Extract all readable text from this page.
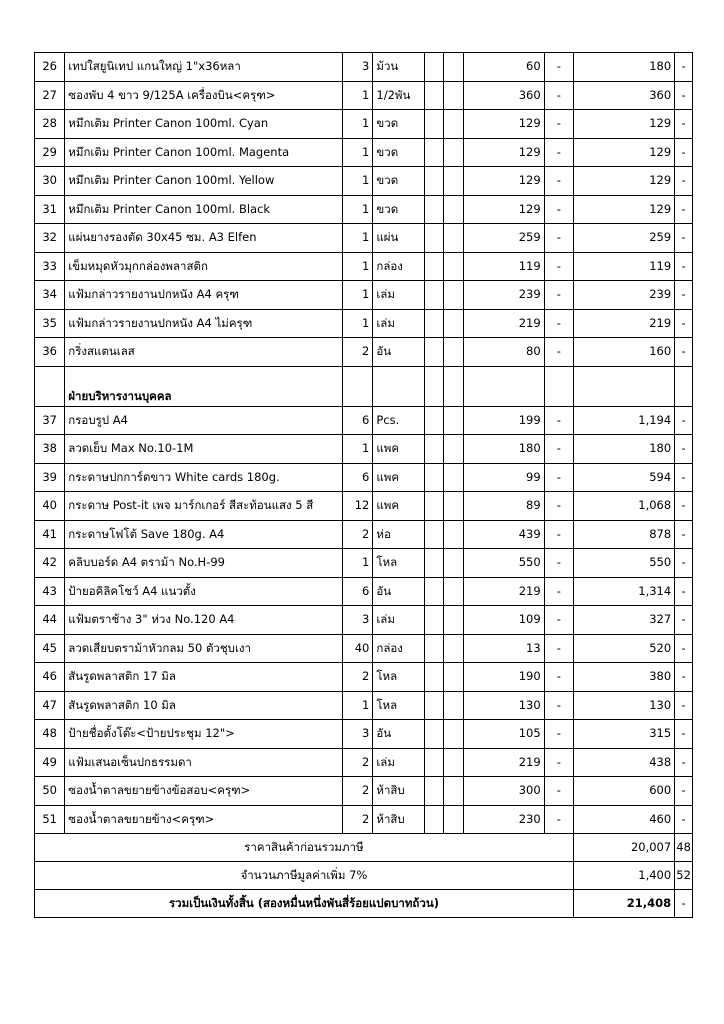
26	เทปใสยูนิเทป แกนใหญ่ 1"x36หลา	3	ม้วน			60	-	180	-
27	ซองพับ 4 ขาว 9/125A เครื่องบิน<ครุฑ>	1	1/2พัน			360	-	360	-
28	หมึกเติม Printer Canon 100ml. Cyan	1	ขวด			129	-	129	-
29	หมึกเติม Printer Canon 100ml. Magenta	1	ขวด			129	-	129	-
30	หมึกเติม Printer Canon 100ml. Yellow	1	ขวด			129	-	129	-
31	หมึกเติม Printer Canon 100ml. Black	1	ขวด			129	-	129	-
32	แผ่นยางรองตัด 30x45 ซม. A3 Elfen	1	แผ่น			259	-	259	-
33	เข็มหมุดหัวมุกกล่องพลาสติก	1	กล่อง			119	-	119	-
34	แฟ้มกล่าวรายงานปกหนัง A4 ครุฑ	1	เล่ม			239	-	239	-
35	แฟ้มกล่าวรายงานปกหนัง A4 ไม่ครุฑ	1	เล่ม			219	-	219	-
36	กริ่งสแตนเลส	2	อัน			80	-	160	-
	ฝ่ายบริหารงานบุคคล								
37	กรอบรูป A4	6	Pcs.			199	-	1,194	-
38	ลวดเย็บ Max No.10-1M	1	แพค			180	-	180	-
39	กระดาษปกการ์ดขาว White cards 180g.	6	แพค			99	-	594	-
40	กระดาษ Post-it เพจ มาร์กเกอร์ สีสะท้อนแสง 5 สี	12	แพค			89	-	1,068	-
41	กระดาษโฟโต้ Save 180g. A4	2	ห่อ			439	-	878	-
42	คลิบบอร์ด A4 ตราม้า No.H-99	1	โหล			550	-	550	-
43	ป้ายอคิลิคโชว์ A4 แนวตั้ง	6	อัน			219	-	1,314	-
44	แฟ้มตราช้าง 3" ห่วง No.120 A4	3	เล่ม			109	-	327	-
45	ลวดเสียบตราม้าหัวกลม 50 ตัวชุบเงา	40	กล่อง			13	-	520	-
46	สันรูดพลาสติก 17 มิล	2	โหล			190	-	380	-
47	สันรูดพลาสติก 10 มิล	1	โหล			130	-	130	-
48	ป้ายชื่อตั้งโต๊ะ<ป้ายประชุม 12">	3	อัน			105	-	315	-
49	แฟ้มเสนอเซ็นปกธรรมดา	2	เล่ม			219	-	438	-
50	ซองน้ำตาลขยายข้างข้อสอบ<ครุฑ>	2	ห้าสิบ			300	-	600	-
51	ซองน้ำตาลขยายข้าง<ครุฑ>	2	ห้าสิบ			230	-	460	-
ราคาสินค้าก่อนรวมภาษี								20,007	48
จำนวนภาษีมูลค่าเพิ่ม 7%								1,400	52
รวมเป็นเงินทั้งสิ้น (สองหมื่นหนึ่งพันสี่ร้อยแปดบาทถ้วน)								21,408	-
